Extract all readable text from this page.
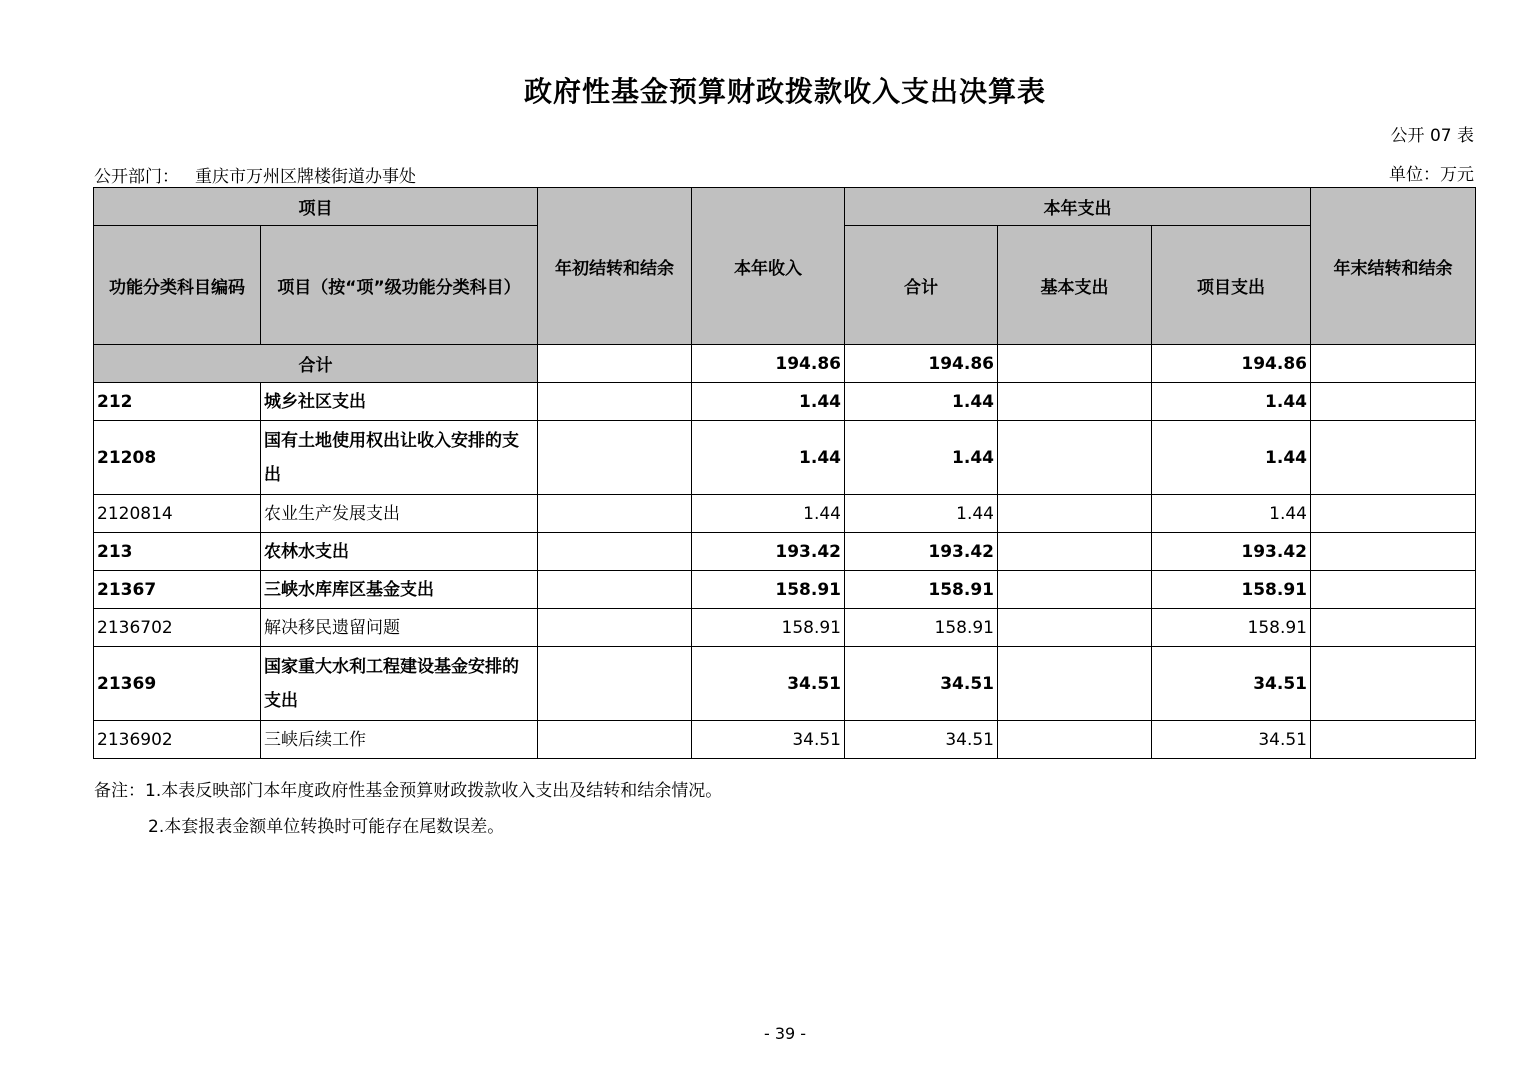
政府性基金预算财政拨款收入支出决算表
公开 07 表
公开部门： 重庆市万州区牌楼街道办事处	单位：万元
项目		年初结转和结余	本年收入	本年支出			年末结转和结余
功能分类科目编码	项目（按“项”级功能分类科目）			合计	基本支出	项目支出	
合计			194.86	194.86		194.86	
212	城乡社区支出		1.44	1.44		1.44	
21208	国有土地使用权出让收入安排的支出		1.44	1.44		1.44	
2120814	农业生产发展支出		1.44	1.44		1.44	
213	农林水支出		193.42	193.42		193.42	
21367	三峡水库库区基金支出		158.91	158.91		158.91	
2136702	解决移民遗留问题		158.91	158.91		158.91	
21369	国家重大水利工程建设基金安排的支出		34.51	34.51		34.51	
2136902	三峡后续工作		34.51	34.51		34.51	
备注：1.本表反映部门本年度政府性基金预算财政拨款收入支出及结转和结余情况。
2.本套报表金额单位转换时可能存在尾数误差。
- 39 -
